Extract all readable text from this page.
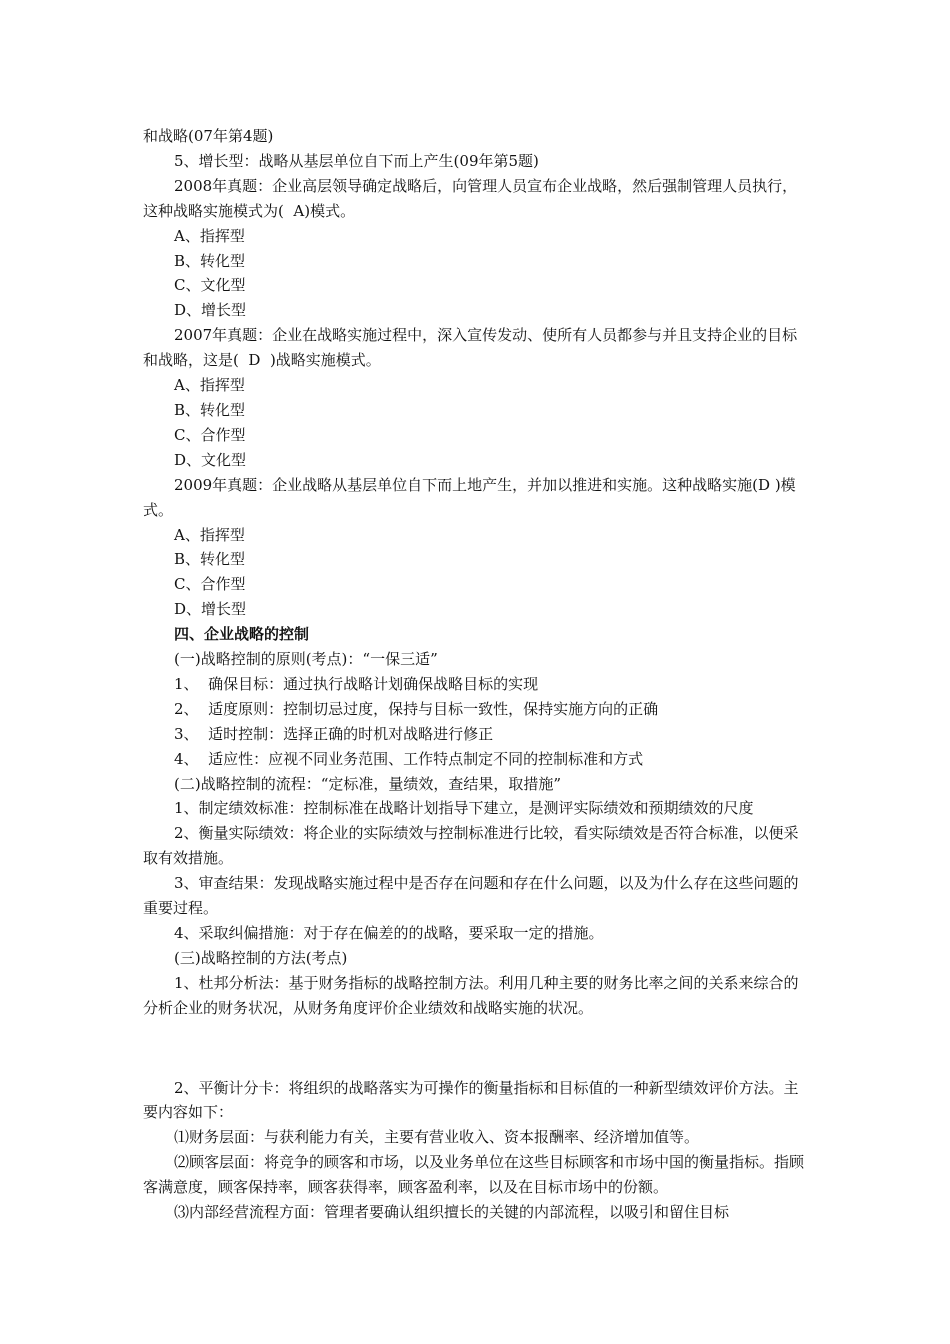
和战略(07年第4题)

5、增长型：战略从基层单位自下而上产生(09年第5题)

2008年真题：企业高层领导确定战略后，向管理人员宣布企业战略，然后强制管理人员执行，这种战略实施模式为(  A)模式。

A、指挥型

B、转化型

C、文化型

D、增长型

2007年真题：企业在战略实施过程中，深入宣传发动、使所有人员都参与并且支持企业的目标和战略，这是(  D  )战略实施模式。

A、指挥型

B、转化型

C、合作型

D、文化型

2009年真题：企业战略从基层单位自下而上地产生，并加以推进和实施。这种战略实施(D )模式。

A、指挥型

B、转化型

C、合作型

D、增长型

四、企业战略的控制

(一)战略控制的原则(考点)：“一保三适”

1、  确保目标：通过执行战略计划确保战略目标的实现

2、  适度原则：控制切忌过度，保持与目标一致性，保持实施方向的正确

3、  适时控制：选择正确的时机对战略进行修正

4、  适应性：应视不同业务范围、工作特点制定不同的控制标准和方式

(二)战略控制的流程：“定标准，量绩效，查结果，取措施”

1、制定绩效标准：控制标准在战略计划指导下建立，是测评实际绩效和预期绩效的尺度

2、衡量实际绩效：将企业的实际绩效与控制标准进行比较，看实际绩效是否符合标准，以便采取有效措施。

3、审查结果：发现战略实施过程中是否存在问题和存在什么问题，以及为什么存在这些问题的重要过程。

4、采取纠偏措施：对于存在偏差的的战略，要采取一定的措施。

(三)战略控制的方法(考点)

1、杜邦分析法：基于财务指标的战略控制方法。利用几种主要的财务比率之间的关系来综合的分析企业的财务状况，从财务角度评价企业绩效和战略实施的状况。

2、平衡计分卡：将组织的战略落实为可操作的衡量指标和目标值的一种新型绩效评价方法。主要内容如下：

⑴财务层面：与获利能力有关，主要有营业收入、资本报酬率、经济增加值等。

⑵顾客层面：将竞争的顾客和市场，以及业务单位在这些目标顾客和市场中国的衡量指标。指顾客满意度，顾客保持率，顾客获得率，顾客盈利率，以及在目标市场中的份额。

⑶内部经营流程方面：管理者要确认组织擅长的关键的内部流程，以吸引和留住目标
